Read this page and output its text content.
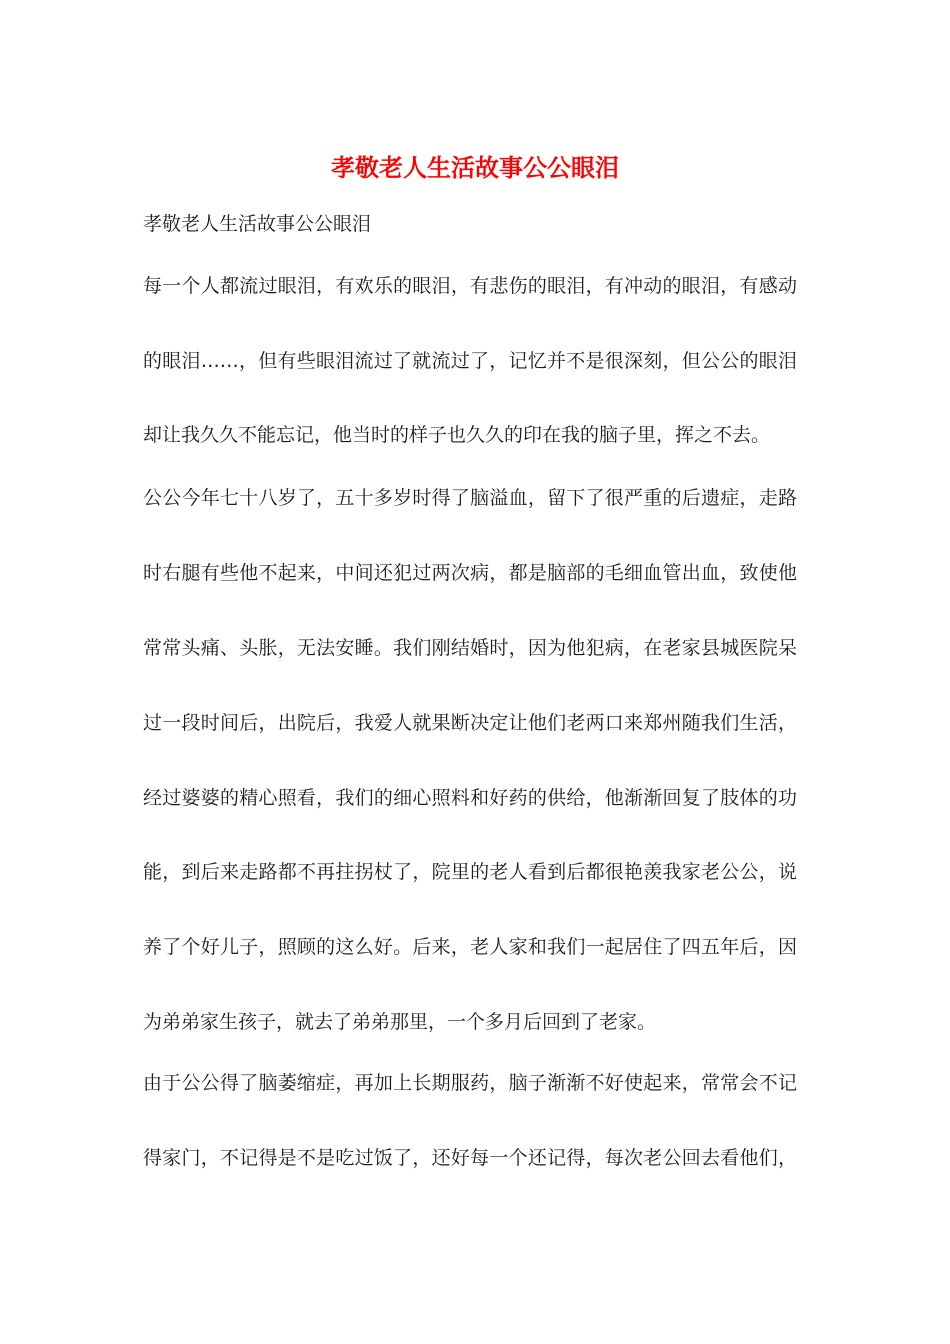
孝敬老人生活故事公公眼泪

孝敬老人生活故事公公眼泪

每一个人都流过眼泪，有欢乐的眼泪，有悲伤的眼泪，有冲动的眼泪，有感动

的眼泪……，但有些眼泪流过了就流过了，记忆并不是很深刻，但公公的眼泪

却让我久久不能忘记，他当时的样子也久久的印在我的脑子里，挥之不去。

公公今年七十八岁了，五十多岁时得了脑溢血，留下了很严重的后遗症，走路

时右腿有些他不起来，中间还犯过两次病，都是脑部的毛细血管出血，致使他

常常头痛、头胀，无法安睡。我们刚结婚时，因为他犯病，在老家县城医院呆

过一段时间后，出院后，我爱人就果断决定让他们老两口来郑州随我们生活，

经过婆婆的精心照看，我们的细心照料和好药的供给，他渐渐回复了肢体的功

能，到后来走路都不再拄拐杖了，院里的老人看到后都很艳羡我家老公公，说

养了个好儿子，照顾的这么好。后来，老人家和我们一起居住了四五年后，因

为弟弟家生孩子，就去了弟弟那里，一个多月后回到了老家。

由于公公得了脑萎缩症，再加上长期服药，脑子渐渐不好使起来，常常会不记

得家门，不记得是不是吃过饭了，还好每一个还记得，每次老公回去看他们，
